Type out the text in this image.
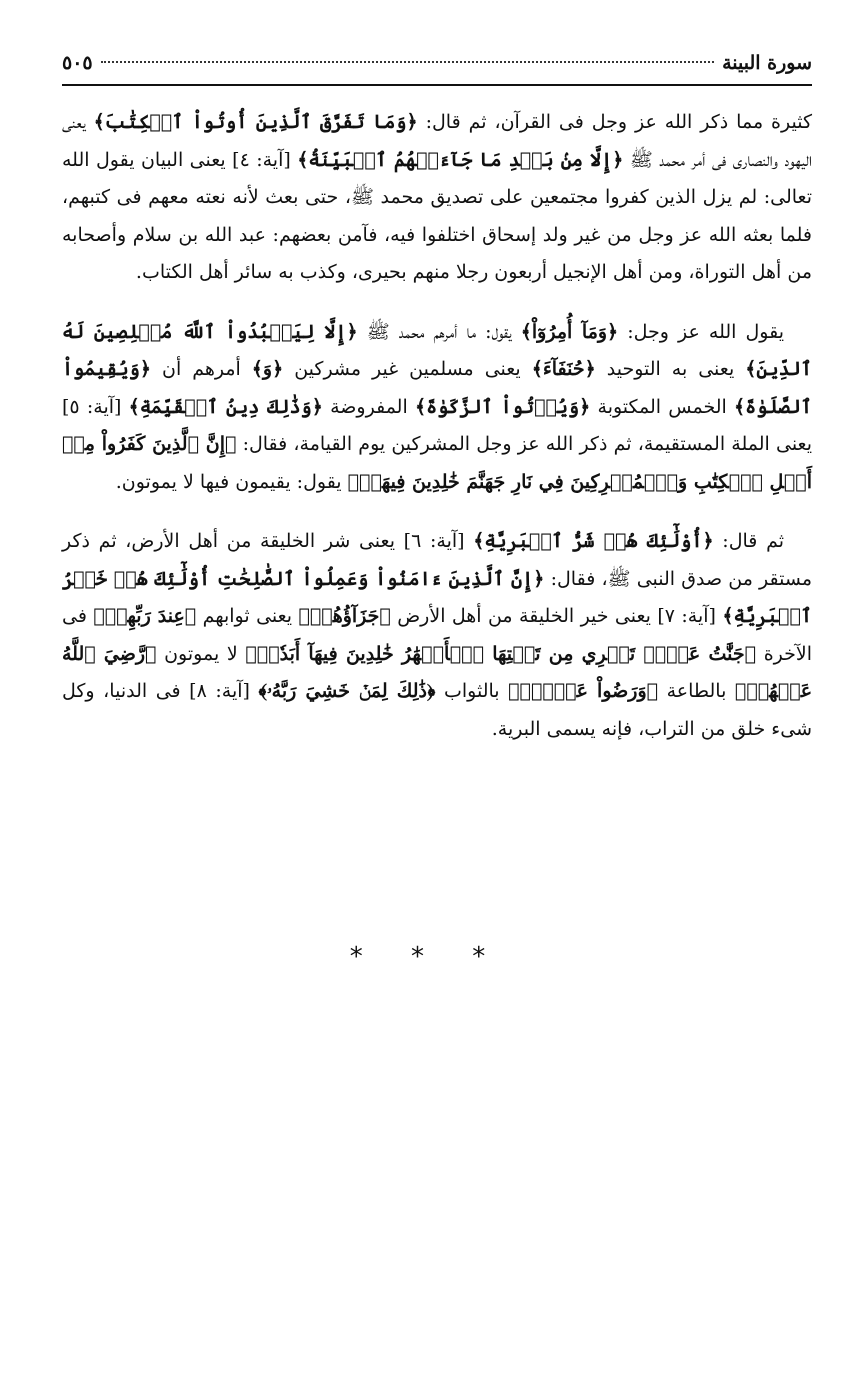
سورة البينة
٥٠٥

كثيرة مما ذكر الله عز وجل فى القرآن، ثم قال: ﴿وَمَا تَفَرَّقَ ٱلَّذِينَ أُوتُواْ ٱلۡكِتَٰبَ﴾ يعنى اليهود والنصارى فى أمر محمد ﷺ ﴿إِلَّا مِنۢ بَعۡدِ مَا جَآءَتۡهُمُ ٱلۡبَيِّنَةُ﴾ [آية: ٤] يعنى البيان يقول الله تعالى: لم يزل الذين كفروا مجتمعين على تصديق محمد ﷺ، حتى بعث لأنه نعته معهم فى كتبهم، فلما بعثه الله عز وجل من غير ولد إسحاق اختلفوا فيه، فآمن بعضهم: عبد الله بن سلام وأصحابه من أهل التوراة، ومن أهل الإنجيل أربعون رجلا منهم بحيرى، وكذب به سائر أهل الكتاب.

يقول الله عز وجل: ﴿وَمَآ أُمِرُوٓاْ﴾ يقول: ما أمرهم محمد ﷺ ﴿إِلَّا لِيَعۡبُدُواْ ٱللَّهَ مُخۡلِصِينَ لَهُ ٱلدِّينَ﴾ يعنى به التوحيد ﴿حُنَفَآءَ﴾ يعنى مسلمين غير مشركين ﴿وَ﴾ أمرهم أن ﴿وَيُقِيمُواْ ٱلصَّلَوٰةَ﴾ الخمس المكتوبة ﴿وَيُؤۡتُواْ ٱلزَّكَوٰةَ﴾ المفروضة ﴿وَذَٰلِكَ دِينُ ٱلۡقَيِّمَةِ﴾ [آية: ٥] يعنى الملة المستقيمة، ثم ذكر الله عز وجل المشركين يوم القيامة، فقال: ﴿إِنَّ ٱلَّذِينَ كَفَرُواْ مِنۡ أَهۡلِ ٱلۡكِتَٰبِ وَٱلۡمُشۡرِكِينَ فِي نَارِ جَهَنَّمَ خَٰلِدِينَ فِيهَآۚ﴾ يقول: يقيمون فيها لا يموتون.

ثم قال: ﴿أُوْلَٰٓئِكَ هُمۡ شَرُّ ٱلۡبَرِيَّةِ﴾ [آية: ٦] يعنى شر الخليقة من أهل الأرض، ثم ذكر مستقر من صدق النبى ﷺ، فقال: ﴿إِنَّ ٱلَّذِينَ ءَامَنُواْ وَعَمِلُواْ ٱلصَّٰلِحَٰتِ أُوْلَٰٓئِكَ هُمۡ خَيۡرُ ٱلۡبَرِيَّةِ﴾ [آية: ٧] يعنى خير الخليقة من أهل الأرض ﴿جَزَآؤُهُمۡ﴾ يعنى ثوابهم ﴿عِندَ رَبِّهِمۡ﴾ فى الآخرة ﴿جَنَّٰتُ عَدۡنٖ تَجۡرِي مِن تَحۡتِهَا ٱلۡأَنۡهَٰرُ خَٰلِدِينَ فِيهَآ أَبَدٗاۖ﴾ لا يموتون ﴿رَّضِيَ ٱللَّهُ عَنۡهُمۡ﴾ بالطاعة ﴿وَرَضُواْ عَنۡهُۚ﴾ بالثواب ﴿ذَٰلِكَ لِمَنۡ خَشِيَ رَبَّهُۥ﴾ [آية: ٨] فى الدنيا، وكل شىء خلق من التراب، فإنه يسمى البرية.

* * *
